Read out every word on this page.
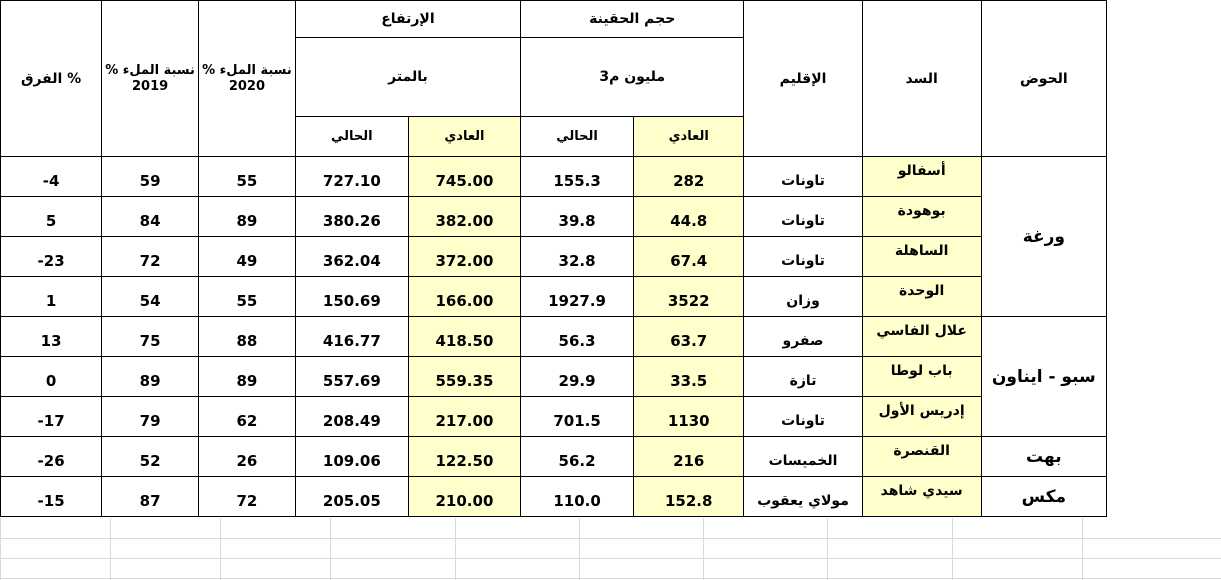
الفرق %	نسبة الملء % 2019	نسبة الملء % 2020	الإرتفاع		حجم الحقينة		الإقليم	السد	الحوض
			بالمتر		مليون م3				
			الحالي	العادي	الحالي	العادي			
-4	59	55	727.10	745.00	155.3	282	تاونات	أسفالو	ورغة
5	84	89	380.26	382.00	39.8	44.8	تاونات	بوهودة	
-23	72	49	362.04	372.00	32.8	67.4	تاونات	الساهلة	
1	54	55	150.69	166.00	1927.9	3522	وزان	الوحدة	
13	75	88	416.77	418.50	56.3	63.7	صفرو	علال الفاسي	سبو - ايناون
0	89	89	557.69	559.35	29.9	33.5	تازة	باب لوطا	
-17	79	62	208.49	217.00	701.5	1130	تاونات	إدريس الأول	
-26	52	26	109.06	122.50	56.2	216	الخميسات	القنصرة	بهت
-15	87	72	205.05	210.00	110.0	152.8	مولاي يعقوب	سيدي شاهد	مكس
